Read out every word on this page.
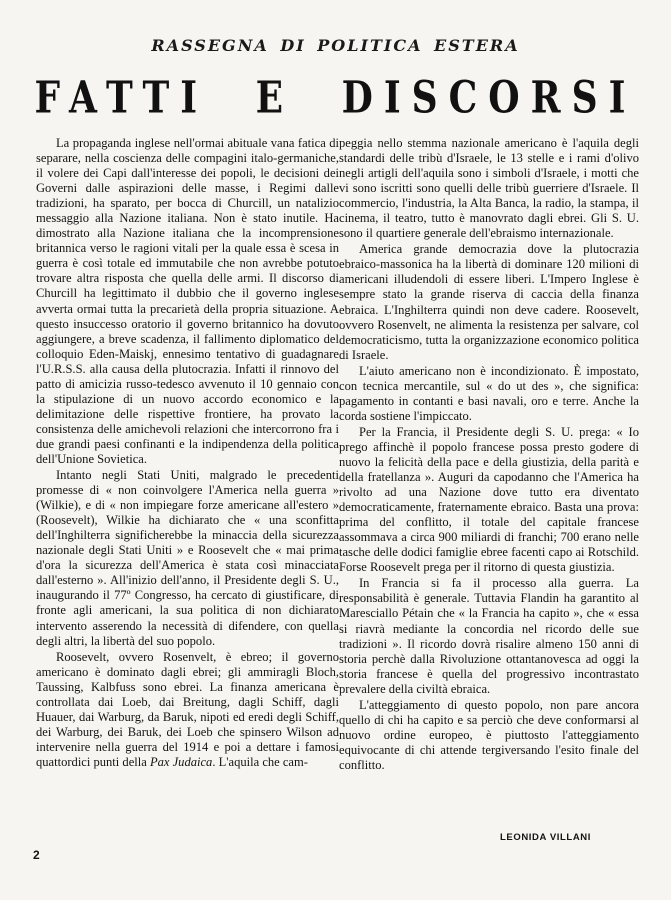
RASSEGNA DI POLITICA ESTERA
FATTI E DISCORSI

La propaganda inglese nell'ormai abituale vana fatica di separare, nella coscienza delle compagini italo-germaniche, il volere dei Capi dall'interesse dei popoli, le decisioni dei Governi dalle aspirazioni delle masse, i Regimi dalle tradizioni, ha sparato, per bocca di Churcill, un natalizio messaggio alla Nazione italiana. Non è stato inutile. Ha dimostrato alla Nazione italiana che la incomprensione britannica verso le ragioni vitali per la quale essa è scesa in guerra è così totale ed immutabile che non avrebbe potuto trovare altra risposta che quella delle armi. Il discorso di Churcill ha legittimato il dubbio che il governo inglese avverta ormai tutta la precarietà della propria situazione. A questo insuccesso oratorio il governo britannico ha dovuto aggiungere, a breve scadenza, il fallimento diplomatico del colloquio Eden-Maiskj, ennesimo tentativo di guadagnare l'U.R.S.S. alla causa della plutocrazia. Infatti il rinnovo del patto di amicizia russo-tedesco avvenuto il 10 gennaio con la stipulazione di un nuovo accordo economico e la delimitazione delle rispettive frontiere, ha provato la consistenza delle amichevoli relazioni che intercorrono fra i due grandi paesi confinanti e la indipendenza della politica dell'Unione Sovietica.

Intanto negli Stati Uniti, malgrado le precedenti promesse di « non coinvolgere l'America nella guerra » (Wilkie), e di « non impiegare forze americane all'estero » (Roosevelt), Wilkie ha dichiarato che « una sconfitta dell'Inghilterra significherebbe la minaccia della sicurezza nazionale degli Stati Uniti » e Roosevelt che « mai prima d'ora la sicurezza dell'America è stata così minacciata dall'esterno ». All'inizio dell'anno, il Presidente degli S. U., inaugurando il 77º Congresso, ha cercato di giustificare, di fronte agli americani, la sua politica di non dichiarato intervento asserendo la necessità di difendere, con quella degli altri, la libertà del suo popolo.

Roosevelt, ovvero Rosenvelt, è ebreo; il governo americano è dominato dagli ebrei; gli ammiragli Bloch, Taussing, Kalbfuss sono ebrei. La finanza americana è controllata dai Loeb, dai Breitung, dagli Schiff, dagli Huauer, dai Warburg, da Baruk, nipoti ed eredi degli Schiff, dei Warburg, dei Baruk, dei Loeb che spinsero Wilson ad intervenire nella guerra del 1914 e poi a dettare i famosi quattordici punti della Pax Judaica. L'aquila che cam-

peggia nello stemma nazionale americano è l'aquila degli standardi delle tribù d'Israele, le 13 stelle e i rami d'olivo negli artigli dell'aquila sono i simboli d'Israele, i motti che vi sono iscritti sono quelli delle tribù guerriere d'Israele. Il commercio, l'industria, la Alta Banca, la radio, la stampa, il cinema, il teatro, tutto è manovrato dagli ebrei. Gli S. U. sono il quartiere generale dell'ebraismo internazionale.

America grande democrazia dove la plutocrazia ebraico-massonica ha la libertà di dominare 120 milioni di americani illudendoli di essere liberi. L'Impero Inglese è sempre stato la grande riserva di caccia della finanza ebraica. L'Inghilterra quindi non deve cadere. Roosevelt, ovvero Rosenvelt, ne alimenta la resistenza per salvare, col democraticismo, tutta la organizzazione economico politica di Israele.

L'aiuto americano non è incondizionato. È impostato, con tecnica mercantile, sul « do ut des », che significa: pagamento in contanti e basi navali, oro e terre. Anche la corda sostiene l'impiccato.

Per la Francia, il Presidente degli S. U. prega: « Io prego affinchè il popolo francese possa presto godere di nuovo la felicità della pace e della giustizia, della parità e della fratellanza ». Auguri da capodanno che l'America ha rivolto ad una Nazione dove tutto era diventato democraticamente, fraternamente ebraico. Basta una prova: prima del conflitto, il totale del capitale francese assommava a circa 900 miliardi di franchi; 700 erano nelle tasche delle dodici famiglie ebree facenti capo ai Rotschild. Forse Roosevelt prega per il ritorno di questa giustizia.

In Francia si fa il processo alla guerra. La responsabilità è generale. Tuttavia Flandin ha garantito al Maresciallo Pétain che « la Francia ha capito », che « essa si riavrà mediante la concordia nel ricordo delle sue tradizioni ». Il ricordo dovrà risalire almeno 150 anni di storia perchè dalla Rivoluzione ottantanovesca ad oggi la storia francese è quella del progressivo incontrastato prevalere della civiltà ebraica.

L'atteggiamento di questo popolo, non pare ancora quello di chi ha capito e sa perciò che deve conformarsi al nuovo ordine europeo, è piuttosto l'atteggiamento equivocante di chi attende tergiversando l'esito finale del conflitto.

LEONIDA VILLANI
2
